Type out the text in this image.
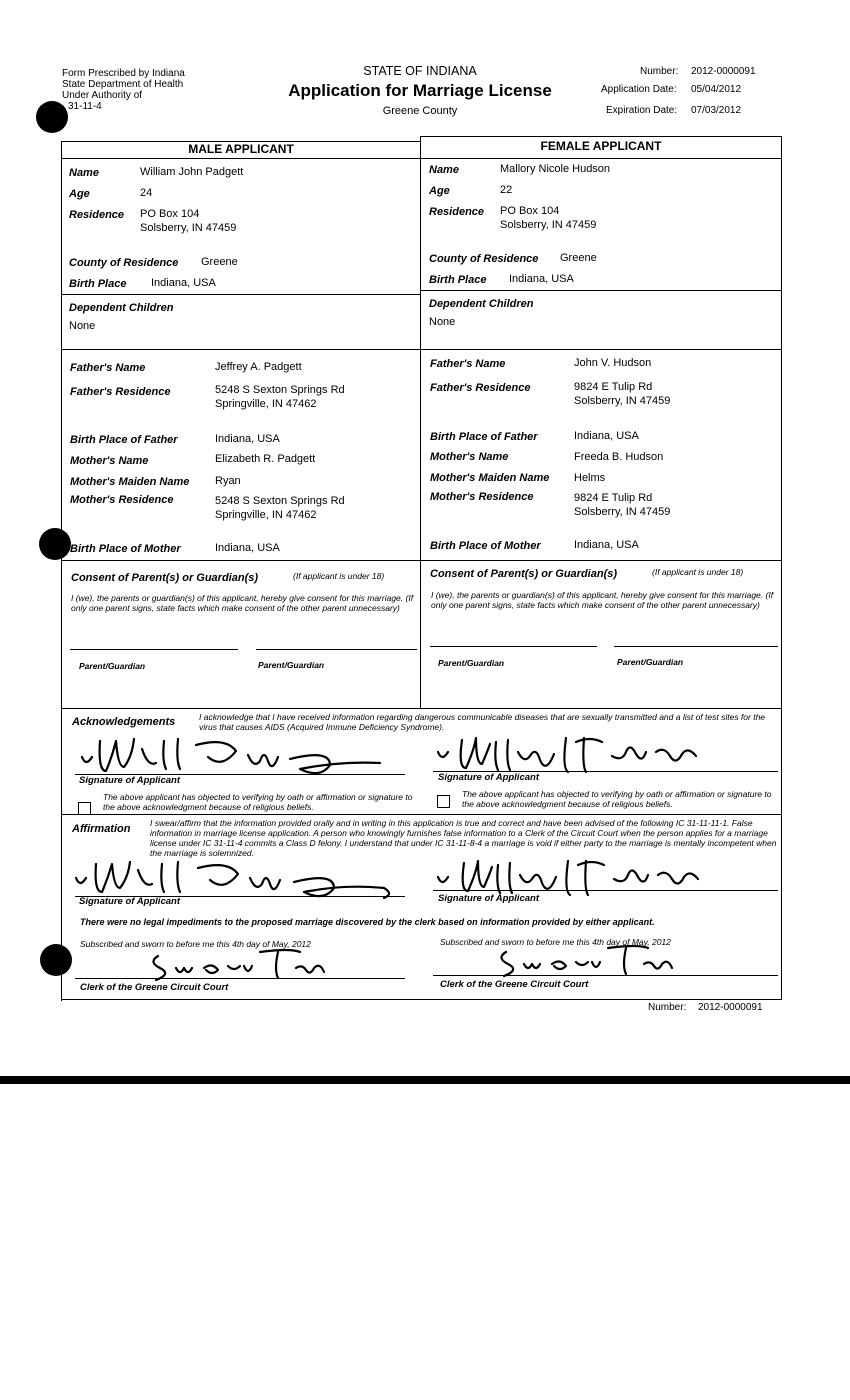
Form Prescribed by Indiana
State Department of Health
Under Authority of
31-11-4
STATE OF INDIANA
Application for Marriage License
Greene County
Number: 2012-0000091
Application Date: 05/04/2012
Expiration Date: 07/03/2012
MALE APPLICANT	FEMALE APPLICANT
Name	William John Padgett
Age	24
Residence PO Box 104
Solsberry, IN 47459
County of Residence Greene
Birth Place Indiana, USA
Dependent Children
None
Father's Name	Jeffrey A. Padgett
Father's Residence	5248 S Sexton Springs Rd
Springville, IN 47462
Birth Place of Father	Indiana, USA
Mother's Name	Elizabeth R. Padgett
Mother's Maiden Name Ryan
Mother's Residence	5248 S Sexton Springs Rd
Springville, IN 47462
Birth Place of Mother	Indiana, USA
Name	Mallory Nicole Hudson
Age	22
Residence PO Box 104
Solsberry, IN 47459
County of Residence Greene
Birth Place Indiana, USA
Dependent Children
None
Father's Name	John V. Hudson
Father's Residence	9824 E Tulip Rd
Solsberry, IN 47459
Birth Place of Father	Indiana, USA
Mother's Name	Freeda B. Hudson
Mother's Maiden Name Helms
Mother's Residence	9824 E Tulip Rd
Solsberry, IN 47459
Birth Place of Mother	Indiana, USA
Consent of Parent(s) or Guardian(s)	(If applicant is under 18)
I (we), the parents or guardian(s) of this applicant, hereby give consent for this marriage. (If only one parent signs, state facts which make consent of the other parent unnecessary)
Parent/Guardian	Parent/Guardian
Consent of Parent(s) or Guardian(s)	(If applicant is under 18)
I (we), the parents or guardian(s) of this applicant, hereby give consent for this marriage. (If only one parent signs, state facts which make consent of the other parent unnecessary)
Parent/Guardian	Parent/Guardian
Acknowledgements	I acknowledge that I have received information regarding dangerous communicable diseases that are sexually transmitted and a list of test sites for the virus that causes AIDS (Acquired Immune Deficiency Syndrome).
Signature of Applicant
The above applicant has objected to verifying by oath or affirmation or signature to the above acknowledgment because of religious beliefs.
Signature of Applicant
The above applicant has objected to verifying by oath or affirmation or signature to the above acknowledgment because of religious beliefs.
Affirmation I swear/affirm that the information provided orally and in writing in this application is true and correct and have been advised of the following IC 31-11-11-1. False information in marriage license application. A person who knowingly furnishes false information to a Clerk of the Circuit Court when the person applies for a marriage license under IC 31-11-4 commits a Class D felony. I understand that under IC 31-11-8-4 a marriage is void if either party to the marriage is mentally incompetent when the marriage is solemnized.
Signature of Applicant	Signature of Applicant
There were no legal impediments to the proposed marriage discovered by the clerk based on information provided by either applicant.
Subscribed and sworn to before me this 4th day of May, 2012
Clerk of the Greene Circuit Court
Subscribed and sworn to before me this 4th day of May, 2012
Clerk of the Greene Circuit Court
Number: 2012-0000091
